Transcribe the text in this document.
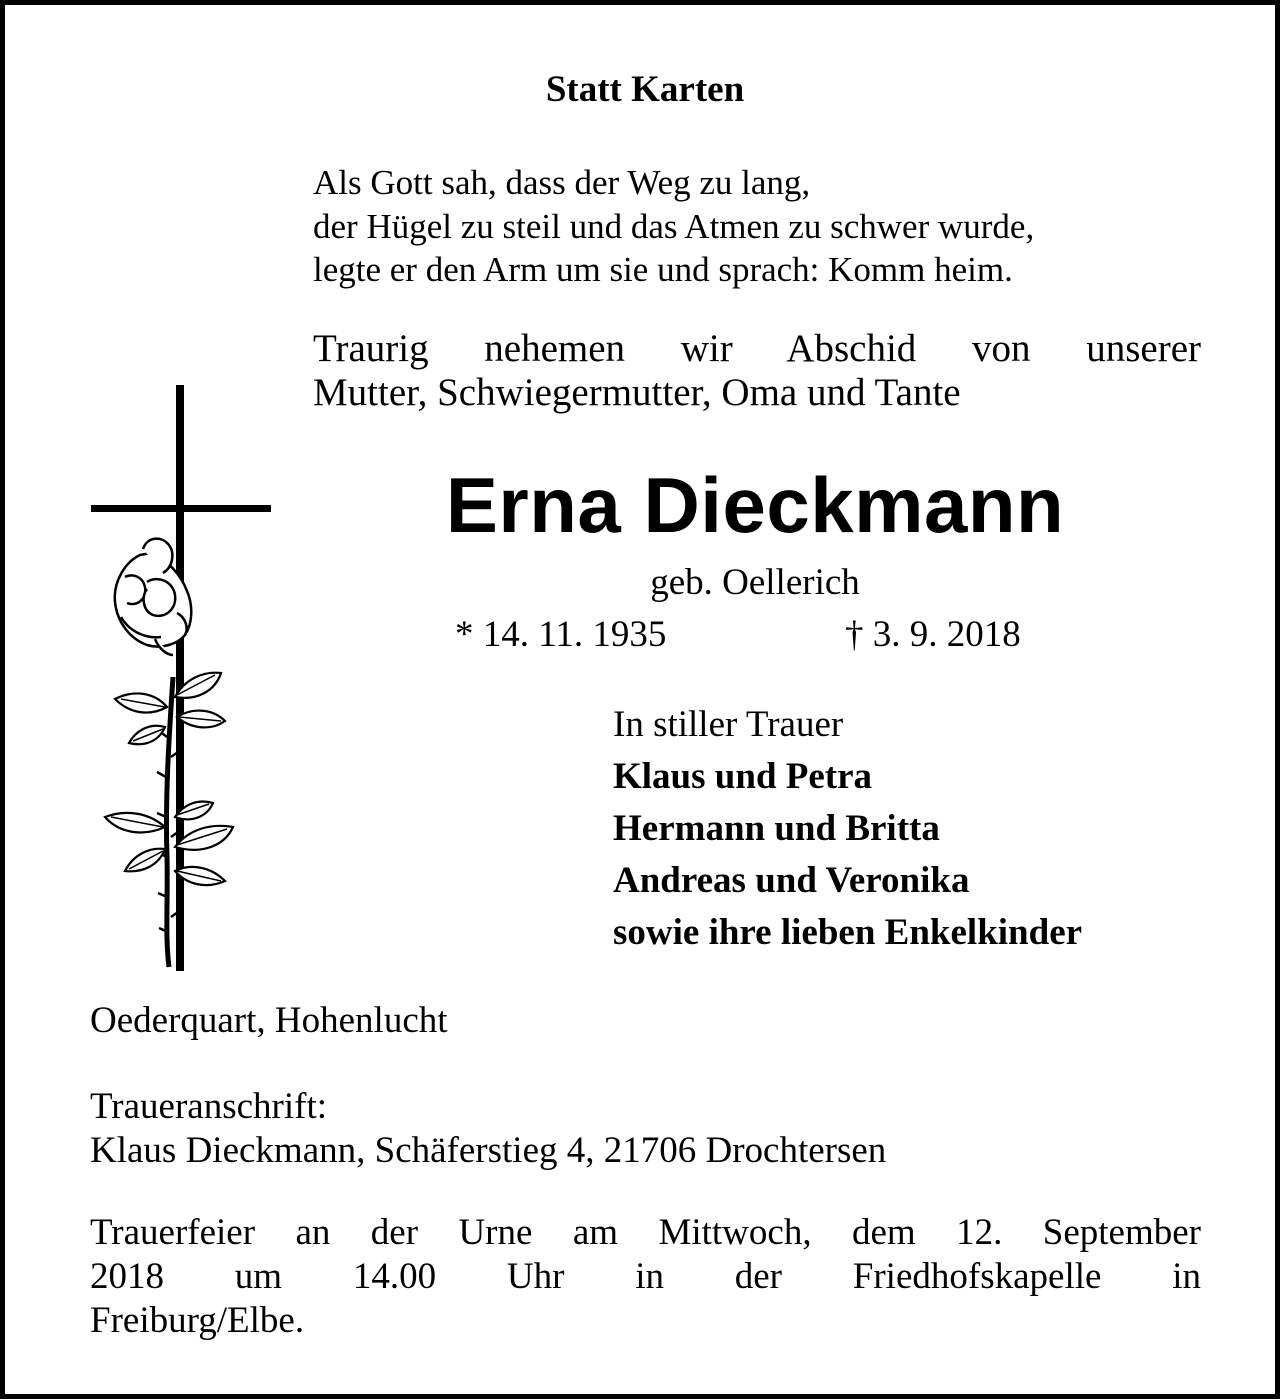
Statt Karten
Als Gott sah, dass der Weg zu lang,
der Hügel zu steil und das Atmen zu schwer wurde,
legte er den Arm um sie und sprach: Komm heim.
Traurig nehemen wir Abschid von unserer
Mutter, Schwiegermutter, Oma und Tante
Erna Dieckmann
geb. Oellerich
* 14. 11. 1935	† 3. 9. 2018
In stiller Trauer
Klaus und Petra
Hermann und Britta
Andreas und Veronika
sowie ihre lieben Enkelkinder
Oederquart, Hohenlucht
Traueranschrift:
Klaus Dieckmann, Schäferstieg 4, 21706 Drochtersen
Trauerfeier an der Urne am Mittwoch, dem 12. September
2018 um 14.00 Uhr in der Friedhofskapelle in
Freiburg/Elbe.
